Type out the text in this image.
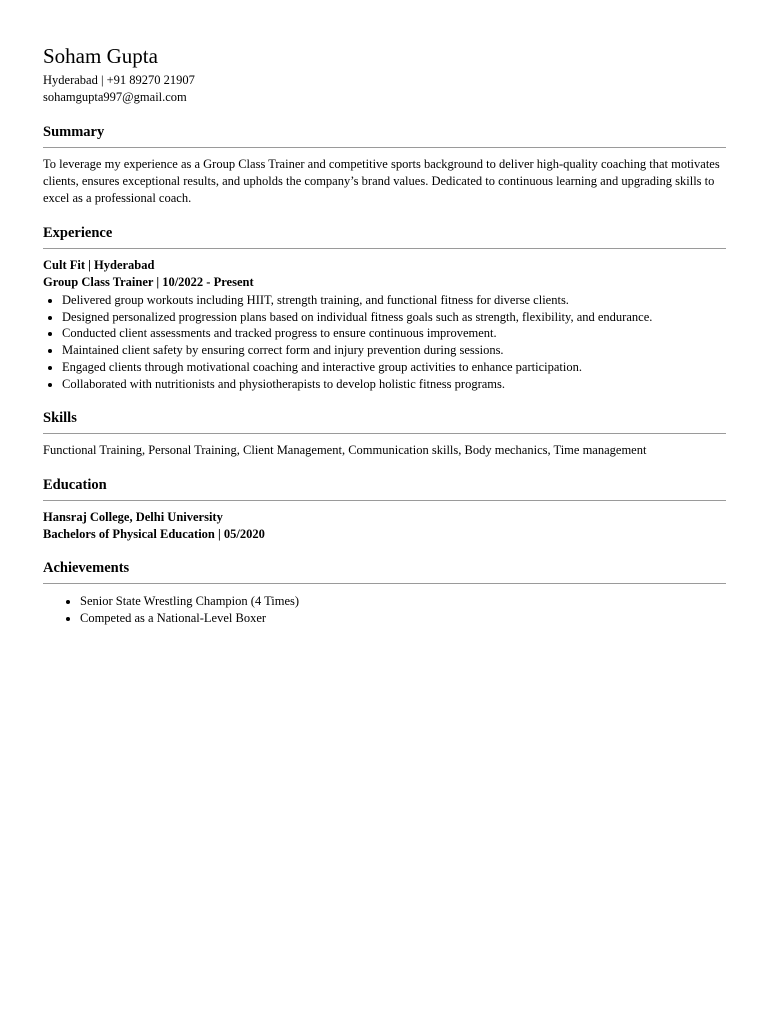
Soham Gupta
Hyderabad | +91 89270 21907
sohamgupta997@gmail.com
Summary

To leverage my experience as a Group Class Trainer and competitive sports background to deliver high-quality coaching that motivates clients, ensures exceptional results, and upholds the company’s brand values. Dedicated to continuous learning and upgrading skills to excel as a professional coach.

Experience
Cult Fit | Hyderabad
Group Class Trainer | 10/2022 - Present
• Delivered group workouts including HIIT, strength training, and functional fitness for diverse clients.
• Designed personalized progression plans based on individual fitness goals such as strength, flexibility, and endurance.
• Conducted client assessments and tracked progress to ensure continuous improvement.
• Maintained client safety by ensuring correct form and injury prevention during sessions.
• Engaged clients through motivational coaching and interactive group activities to enhance participation.
• Collaborated with nutritionists and physiotherapists to develop holistic fitness programs.
Skills

Functional Training, Personal Training, Client Management, Communication skills, Body mechanics, Time management

Education
Hansraj College, Delhi University
Bachelors of Physical Education | 05/2020
Achievements
• Senior State Wrestling Champion (4 Times)
• Competed as a National-Level Boxer
